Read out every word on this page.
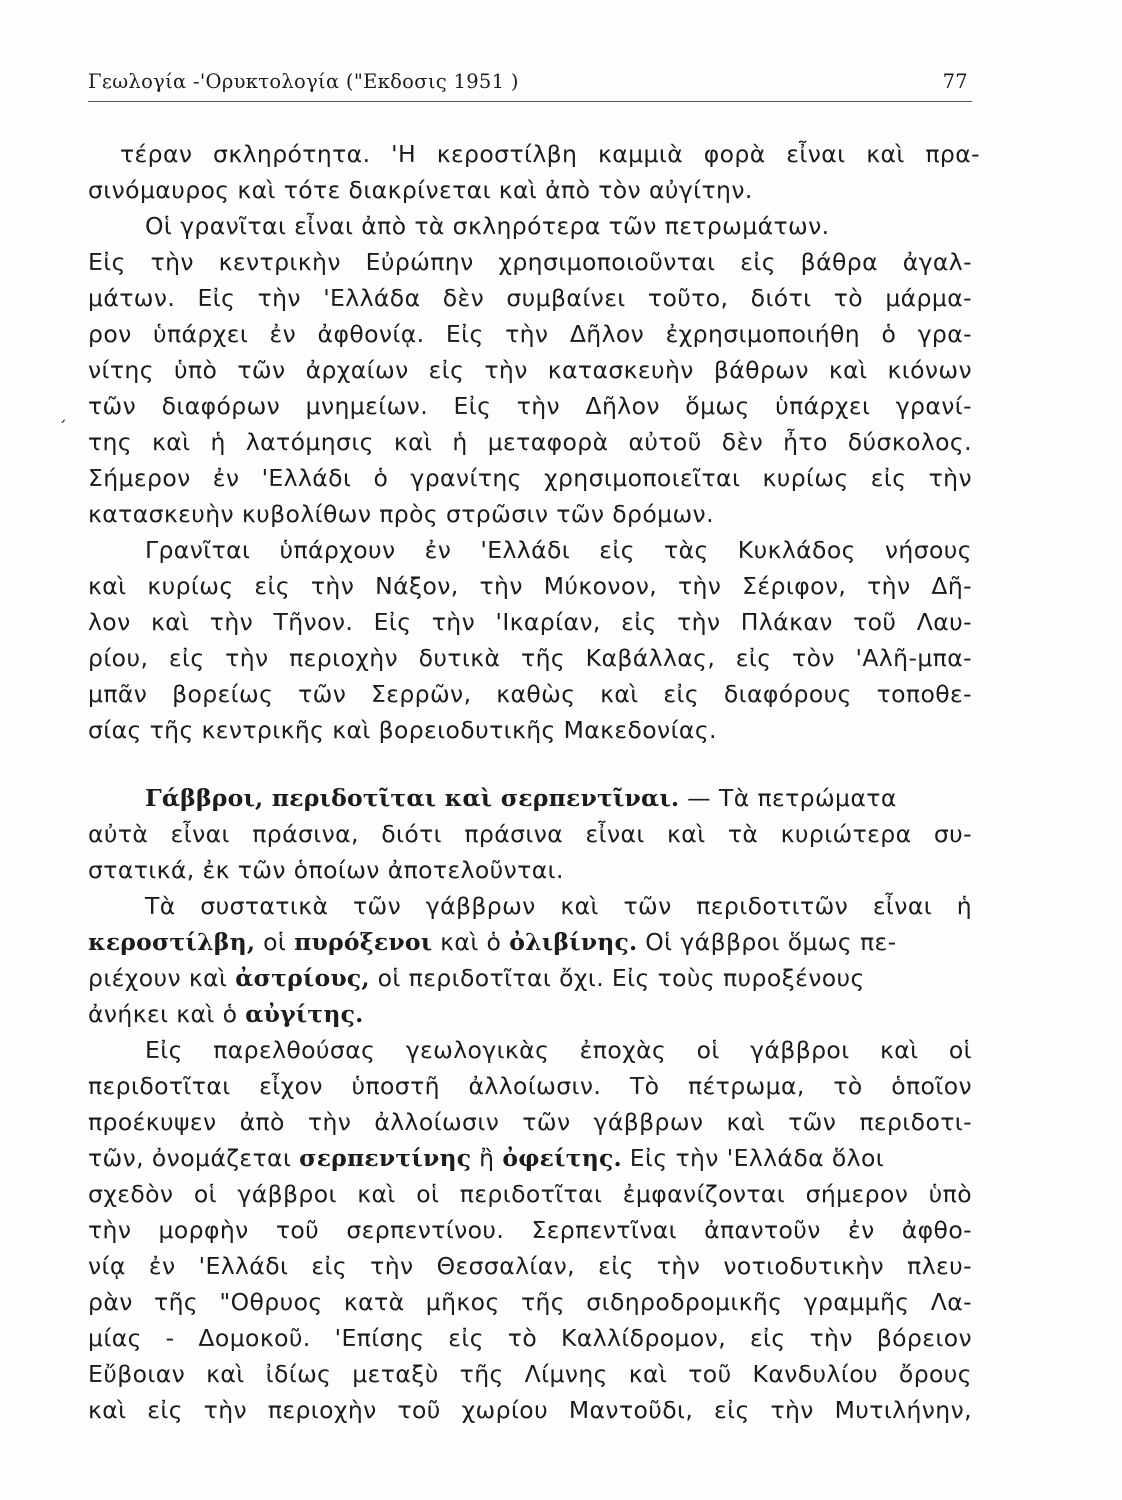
Γεωλογία -'Ορυκτολογία ("Εκδοσις 1951 )	77
τέραν σκληρότητα. 'Η κεροστίλβη καμμιὰ φορὰ εἶναι καὶ πρα-
σινόμαυρος καὶ τότε διακρίνεται καὶ ἀπὸ τὸν αὐγίτην.
Οἱ γρανῖται εἶναι ἀπὸ τὰ σκληρότερα τῶν πετρωμάτων.
Εἰς τὴν κεντρικὴν Εὐρώπην χρησιμοποιοῦνται εἰς βάθρα ἀγαλ-
μάτων. Εἰς τὴν 'Ελλάδα δὲν συμβαίνει τοῦτο, διότι τὸ μάρμα-
ρον ὑπάρχει ἐν ἀφθονίᾳ. Εἰς τὴν Δῆλον ἐχρησιμοποιήθη ὁ γρα-
νίτης ὑπὸ τῶν ἀρχαίων εἰς τὴν κατασκευὴν βάθρων καὶ κιόνων
τῶν διαφόρων μνημείων. Εἰς τὴν Δῆλον ὅμως ὑπάρχει γρανί-
της καὶ ἡ λατόμησις καὶ ἡ μεταφορὰ αὐτοῦ δὲν ἦτο δύσκολος.
Σήμερον ἐν 'Ελλάδι ὁ γρανίτης χρησιμοποιεῖται κυρίως εἰς τὴν
κατασκευὴν κυβολίθων πρὸς στρῶσιν τῶν δρόμων.
ˊ
Γρανῖται ὑπάρχουν ἐν 'Ελλάδι εἰς τὰς Κυκλάδος νήσους
καὶ κυρίως εἰς τὴν Νάξον, τὴν Μύκονον, τὴν Σέριφον, τὴν Δῆ-
λον καὶ τὴν Τῆνον. Εἰς τὴν 'Ικαρίαν, εἰς τὴν Πλάκαν τοῦ Λαυ-
ρίου, εἰς τὴν περιοχὴν δυτικὰ τῆς Καβάλλας, εἰς τὸν 'Αλῆ-μπα-
μπᾶν βορείως τῶν Σερρῶν, καθὼς καὶ εἰς διαφόρους τοποθε-
σίας τῆς κεντρικῆς καὶ βορειοδυτικῆς Μακεδονίας.
Γάββροι, περιδοτῖται καὶ σερπεντῖναι. — Τὰ πετρώματα
αὐτὰ εἶναι πράσινα, διότι πράσινα εἶναι καὶ τὰ κυριώτερα συ-
στατικά, ἐκ τῶν ὁποίων ἀποτελοῦνται.
Τὰ συστατικὰ τῶν γάββρων καὶ τῶν περιδοτιτῶν εἶναι ἡ
κεροστίλβη, οἱ πυρόξενοι καὶ ὁ ὀλιβίνης. Οἱ γάββροι ὅμως πε-
ριέχουν καὶ ἀστρίους, οἱ περιδοτῖται ὄχι. Εἰς τοὺς πυροξένους
ἀνήκει καὶ ὁ αὐγίτης.
Εἰς παρελθούσας γεωλογικὰς ἐποχὰς οἱ γάββροι καὶ οἱ
περιδοτῖται εἶχον ὑποστῆ ἀλλοίωσιν. Τὸ πέτρωμα, τὸ ὁποῖον
προέκυψεν ἀπὸ τὴν ἀλλοίωσιν τῶν γάββρων καὶ τῶν περιδοτι-
τῶν, ὀνομάζεται σερπεντίνης ἢ ὀφείτης. Εἰς τὴν 'Ελλάδα ὅλοι
σχεδὸν οἱ γάββροι καὶ οἱ περιδοτῖται ἐμφανίζονται σήμερον ὑπὸ
τὴν μορφὴν τοῦ σερπεντίνου. Σερπεντῖναι ἀπαντοῦν ἐν ἀφθο-
νίᾳ ἐν 'Ελλάδι εἰς τὴν Θεσσαλίαν, εἰς τὴν νοτιοδυτικὴν πλευ-
ρὰν τῆς "Οθρυος κατὰ μῆκος τῆς σιδηροδρομικῆς γραμμῆς Λα-
μίας - Δομοκοῦ. 'Επίσης εἰς τὸ Καλλίδρομον, εἰς τὴν βόρειον
Εὔβοιαν καὶ ἰδίως μεταξὺ τῆς Λίμνης καὶ τοῦ Κανδυλίου ὄρους
καὶ εἰς τὴν περιοχὴν τοῦ χωρίου Μαντοῦδι, εἰς τὴν Μυτιλήνην,
